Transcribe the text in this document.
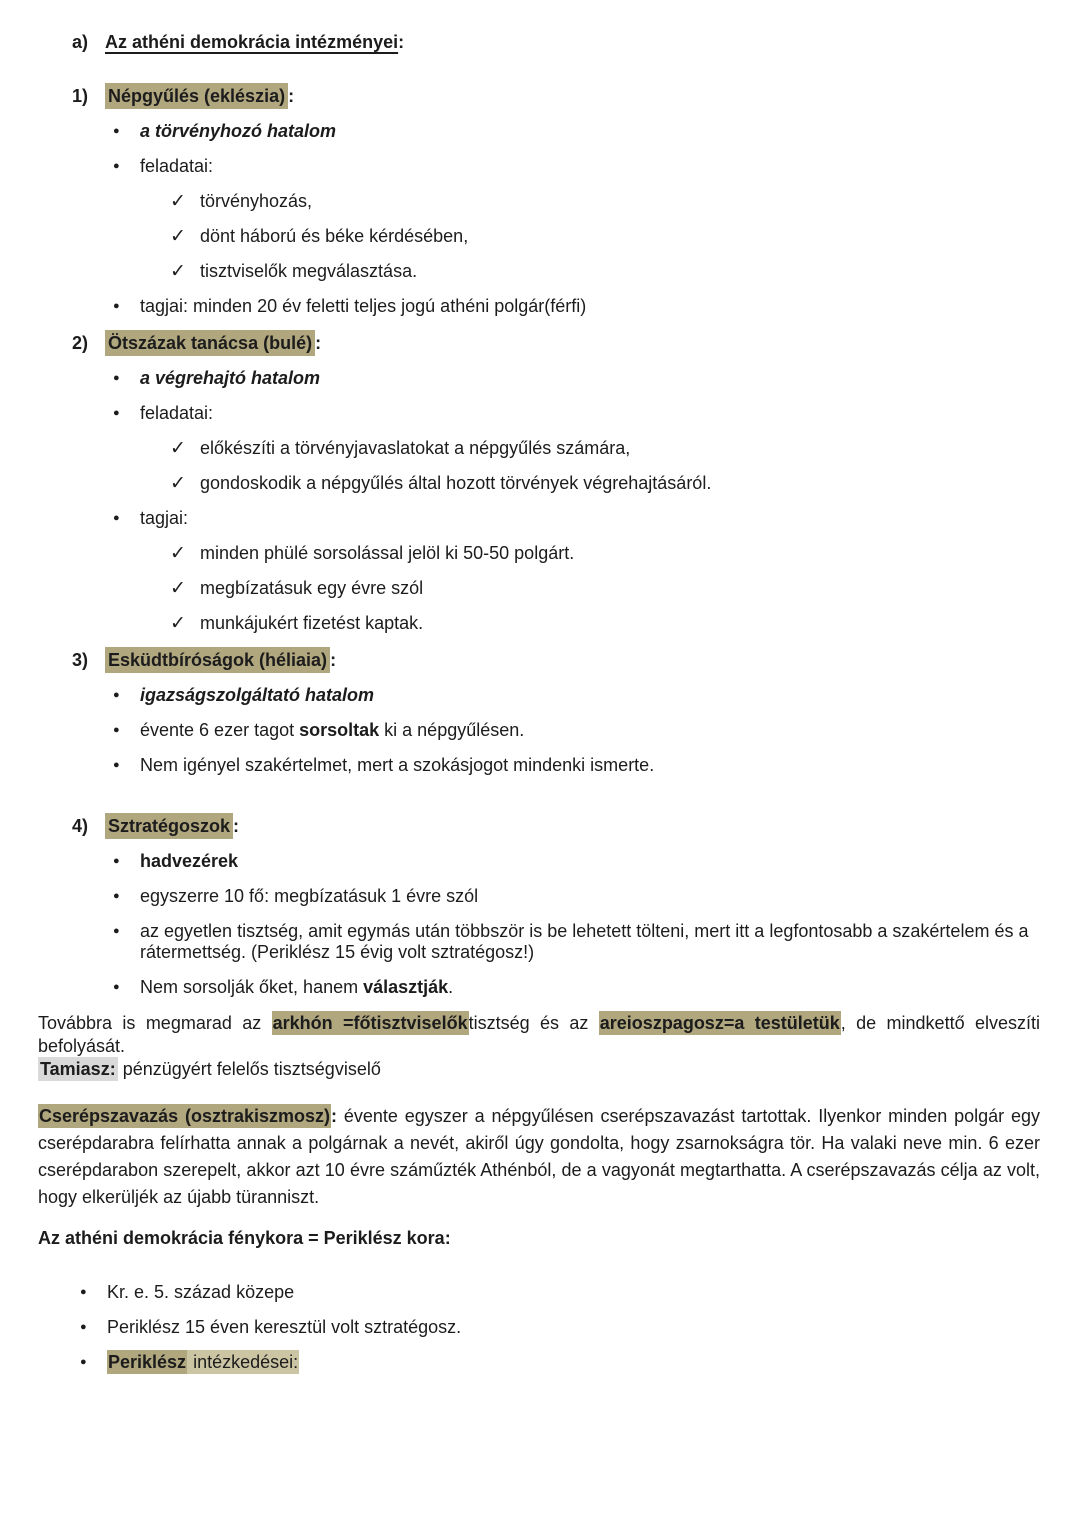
a) Az athéni demokrácia intézményei:
1)	Népgyűlés (eklészia) :
●	a törvényhozó hatalom
●	feladatai:
✓ törvényhozás,
✓ dönt háború és béke kérdésében,
✓ tisztviselők megválasztása.
●	tagjai: minden 20 év feletti teljes jogú athéni polgár(férfi)
2)	Ötszázak tanácsa (bulé) :
●	a végrehajtó hatalom
●	feladatai:
✓ előkészíti a törvényjavaslatokat a népgyűlés számára,
✓ gondoskodik a népgyűlés által hozott törvények végrehajtásáról.
●	tagjai:
✓ minden phülé sorsolással jelöl ki 50-50 polgárt.
✓ megbízatásuk egy évre szól
✓ munkájukért fizetést kaptak.
3)	Esküdtbíróságok (héliaia) :
●	igazságszolgáltató hatalom
●	évente 6 ezer tagot sorsoltak ki a népgyűlésen.
●	Nem igényel szakértelmet, mert a szokásjogot mindenki ismerte.
4)	Sztratégoszok :
●	hadvezérek
●	egyszerre 10 fő: megbízatásuk 1 évre szól
●	az egyetlen tisztség, amit egymás után többször is be lehetett tölteni, mert itt a legfontosabb a szakértelem és a rátermettség. (Periklész 15 évig volt sztratégosz!)
●	Nem sorsolják őket, hanem választják.
Továbbra is megmarad az arkhón =főtisztviselőktisztség és az areioszpagosz=a testületük, de mindkettő elveszíti befolyását.
Tamiasz: pénzügyért felelős tisztségviselő
Cserépszavazás (osztrakiszmosz): évente egyszer a népgyűlésen cserépszavazást tartottak. Ilyenkor minden polgár egy cserépdarabra felírhatta annak a polgárnak a nevét, akiről úgy gondolta, hogy zsarnokságra tör. Ha valaki neve min. 6 ezer cserépdarabon szerepelt, akkor azt 10 évre száműzték Athénból, de a vagyonát megtarthatta. A cserépszavazás célja az volt, hogy elkerüljék az újabb türanniszt.
Az athéni demokrácia fénykora = Periklész kora:
●	Kr. e. 5. század közepe
●	Periklész 15 éven keresztül volt sztratégosz.
●	Periklész intézkedései:
